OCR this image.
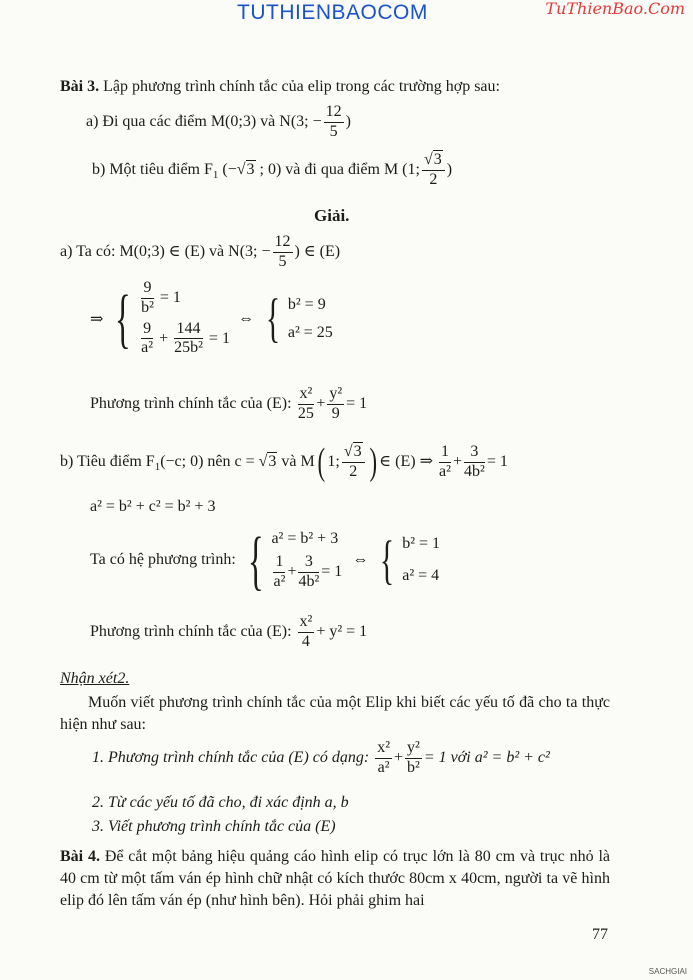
TUTHIENBAOCOM	TuThienBao.Com
Bài 3. Lập phương trình chính tắc của elip trong các trường hợp sau:
a) Đi qua các điểm M(0;3) và N(3; − $\frac{12}{5}$ )
b) Một tiêu điểm $F_1$ (−√3 ; 0) và đi qua điểm M (1; $\frac{√3}{2}$ )
Giải.
a) Ta có: M(0;3) ∈ (E) và N(3; − $\frac{12}{5}$ ) ∈ (E)
⇒ { $\frac{9}{\text{b²}} = 1$
$\frac{9}{\text{a²}} + \frac{144}{\text{25b²}} = 1$
⇔ { b² = 9
a² = 25
Phương trình chính tắc của (E): $\frac{\text{x²}}{25} + \frac{\text{y²}}{9} = 1$
b) Tiêu điểm $F_1(-c$; 0) nên c = √3 và M( 1; $\frac{√3}{2}$ ) ∈ (E) ⇒ $\frac{1}{\text{a²}} + \frac{3}{\text{4b²}} = 1$
a² = b² + c² = b² + 3
Ta có hệ phương trình: { a² = b² + 3
$\frac{1}{\text{a²}} + \frac{3}{\text{4b²}} = 1$
⇔ { b² = 1
a² = 4
Phương trình chính tắc của (E): $\frac{\text{x²}}{4} + y^2 = 1$
Nhận xét2.
Muốn viết phương trình chính tắc của một Elip khi biết các yếu tố đã cho ta thực hiện như sau:
1. Phương trình chính tắc của (E) có dạng: $\frac{\text{x²}}{\text{a²}} + \frac{\text{y²}}{\text{b²}} = 1$ với a² = b² + c²
2. Từ các yếu tố đã cho, đi xác định a, b
3. Viết phương trình chính tắc của (E)
Bài 4. Để cắt một bảng hiệu quảng cáo hình elip có trục lớn là 80 cm và trục nhỏ là 40 cm từ một tấm ván ép hình chữ nhật có kích thước 80cm x 40cm, người ta vẽ hình elip đó lên tấm ván ép (như hình bên). Hỏi phải ghim hai
77
SACHGIAI
